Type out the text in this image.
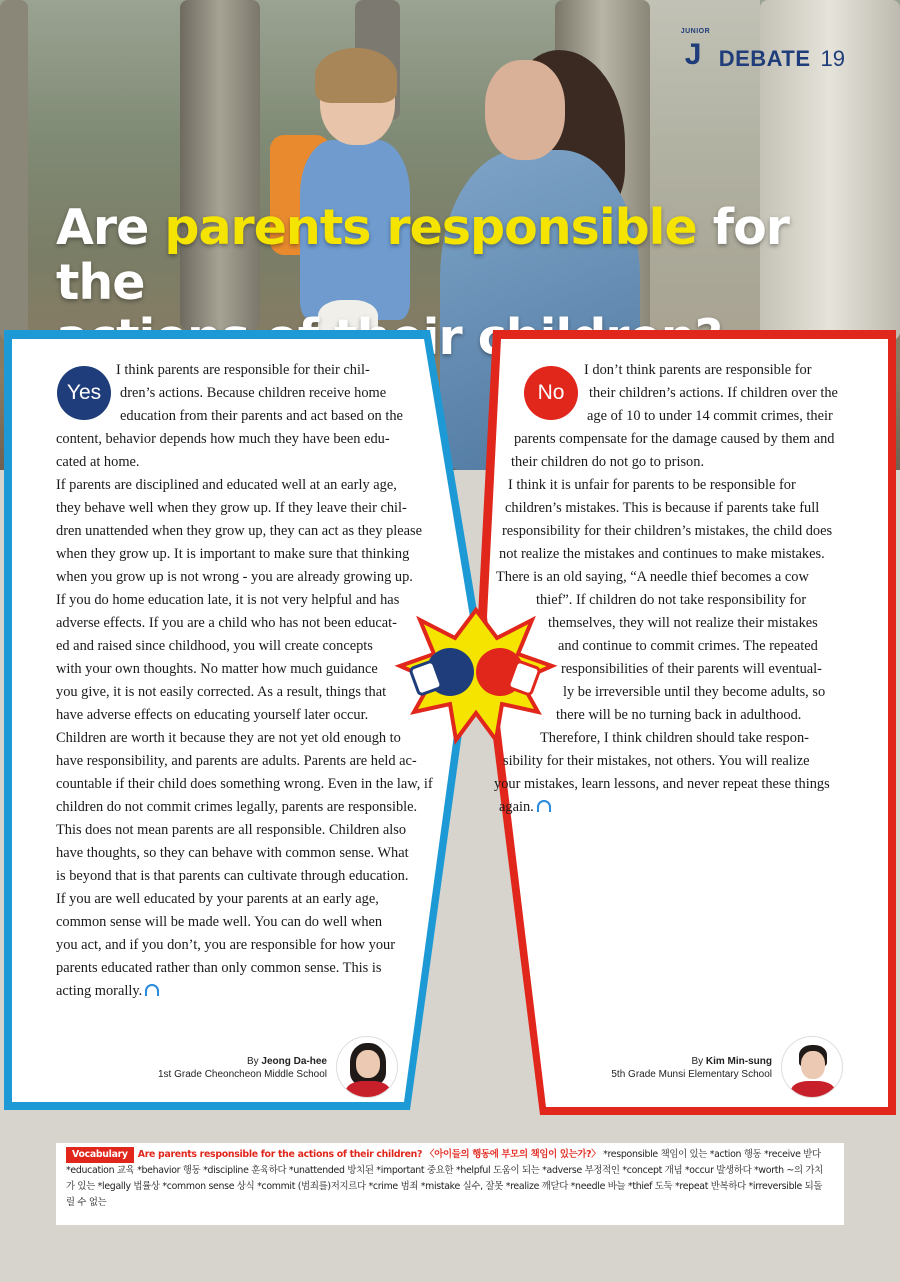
JUNIOR
J DEBATE 19
Are parents responsible for the

Yes	No
I think parents are responsible for their chil-
dren’s actions. Because children receive home
education from their parents and act based on the
content, behavior depends how much they have been edu-
cated at home.
If parents are disciplined and educated well at an early age,
they behave well when they grow up. If they leave their chil-
dren unattended when they grow up, they can act as they please
when they grow up. It is important to make sure that thinking
when you grow up is not wrong - you are already growing up.
If you do home education late, it is not very helpful and has
adverse effects. If you are a child who has not been educat-
ed and raised since childhood, you will create concepts
with your own thoughts. No matter how much guidance
you give, it is not easily corrected. As a result, things that
have adverse effects on educating yourself later occur.
Children are worth it because they are not yet old enough to
have responsibility, and parents are adults. Parents are held ac-
countable if their child does something wrong. Even in the law, if
children do not commit crimes legally, parents are responsible.
This does not mean parents are all responsible. Children also
have thoughts, so they can behave with common sense. What
is beyond that is that parents can cultivate through education.
If you are well educated by your parents at an early age,
common sense will be made well. You can do well when
you act, and if you don’t, you are responsible for how your
parents educated rather than only common sense. This is
acting morally.
I don’t think parents are responsible for
their children’s actions. If children over the
age of 10 to under 14 commit crimes, their
parents compensate for the damage caused by them and
their children do not go to prison.
I think it is unfair for parents to be responsible for
children’s mistakes. This is because if parents take full
responsibility for their children’s mistakes, the child does
not realize the mistakes and continues to make mistakes.
There is an old saying, “A needle thief becomes a cow
thief”. If children do not take responsibility for
themselves, they will not realize their mistakes
and continue to commit crimes. The repeated
responsibilities of their parents will eventual-
ly be irreversible until they become adults, so
there will be no turning back in adulthood.
Therefore, I think children should take respon-
sibility for their mistakes, not others. You will realize
your mistakes, learn lessons, and never repeat these things
again.
By Jeong Da-hee
1st Grade Cheoncheon Middle School
By Kim Min-sung
5th Grade Munsi Elementary School
Vocabulary Are parents responsible for the actions of their children? 〈아이들의 행동에 부모의 책임이 있는가?〉 *responsible 책임이 있는 *action 행동 *receive 받다
*education 교육 *behavior 행동 *discipline 훈육하다 *unattended 방치된 *important 중요한 *helpful 도움이 되는 *adverse 부정적인 *concept 개념 *occur 발생하다 *worth ~의 가치
가 있는 *legally 법률상 *common sense 상식 *commit (범죄를)저지르다 *crime 범죄 *mistake 실수, 잘못 *realize 깨닫다 *needle 바늘 *thief 도둑 *repeat 반복하다 *irreversible 되돌
릴 수 없는
